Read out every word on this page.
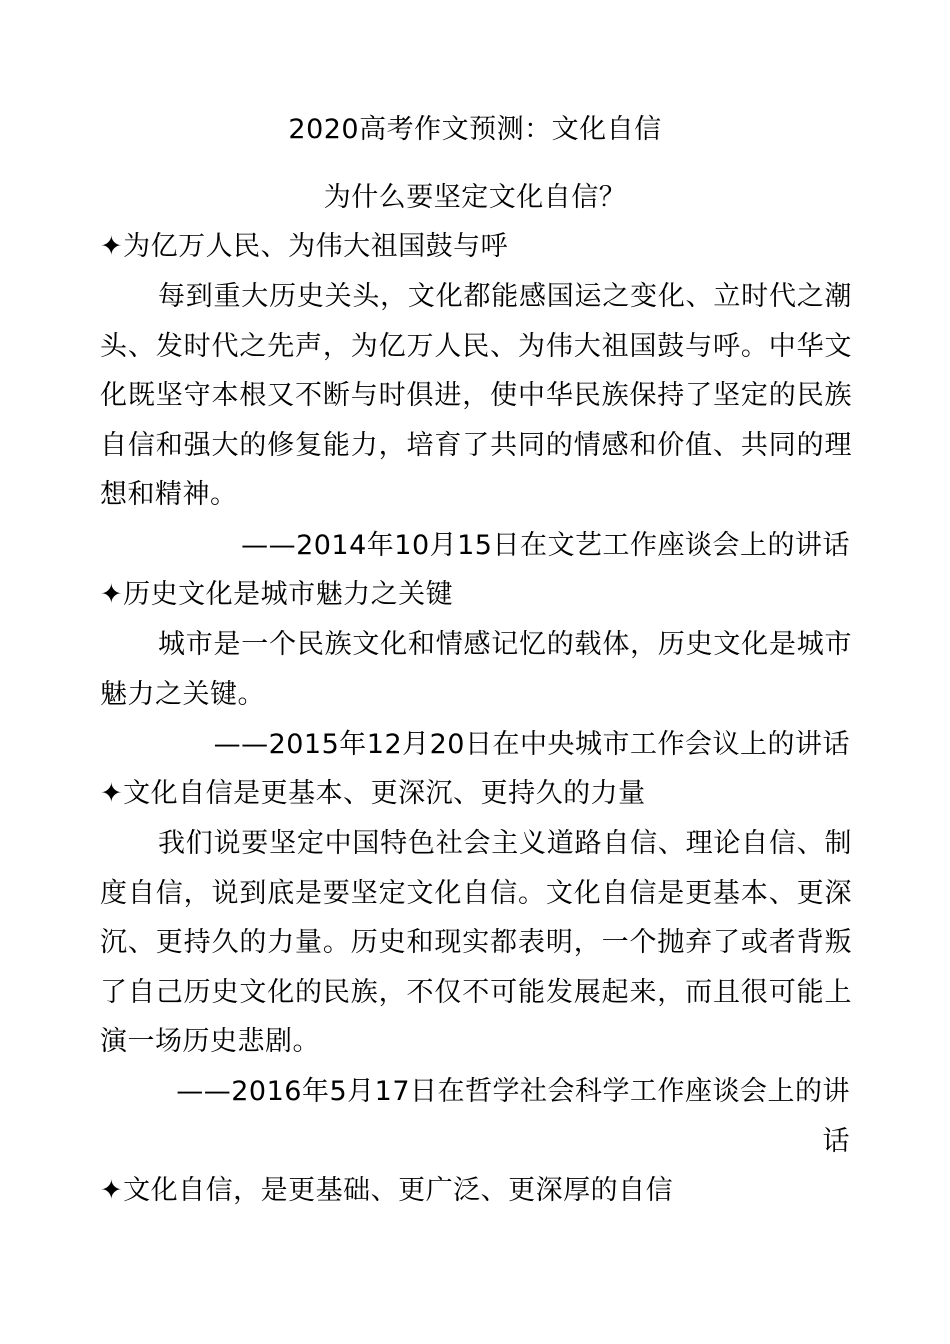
2020高考作文预测：文化自信
为什么要坚定文化自信？
✦为亿万人民、为伟大祖国鼓与呼
每到重大历史关头，文化都能感国运之变化、立时代之潮头、发时代之先声，为亿万人民、为伟大祖国鼓与呼。中华文化既坚守本根又不断与时俱进，使中华民族保持了坚定的民族自信和强大的修复能力，培育了共同的情感和价值、共同的理想和精神。
——2014年10月15日在文艺工作座谈会上的讲话
✦历史文化是城市魅力之关键
城市是一个民族文化和情感记忆的载体，历史文化是城市魅力之关键。
——2015年12月20日在中央城市工作会议上的讲话
✦文化自信是更基本、更深沉、更持久的力量
我们说要坚定中国特色社会主义道路自信、理论自信、制度自信，说到底是要坚定文化自信。文化自信是更基本、更深沉、更持久的力量。历史和现实都表明，一个抛弃了或者背叛了自己历史文化的民族，不仅不可能发展起来，而且很可能上演一场历史悲剧。
——2016年5月17日在哲学社会科学工作座谈会上的讲
话
✦文化自信，是更基础、更广泛、更深厚的自信
